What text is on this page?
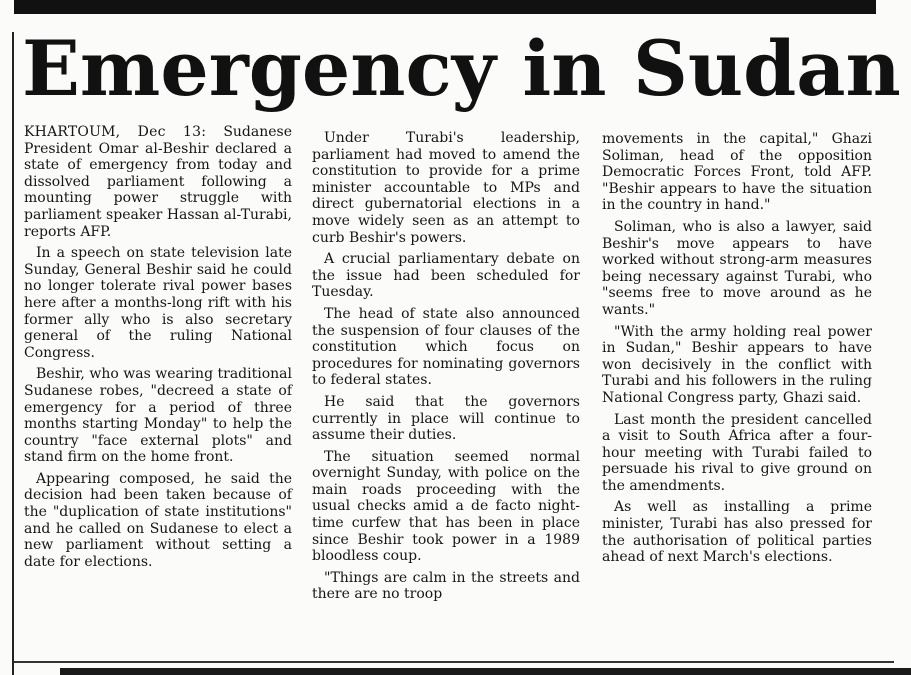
Emergency in Sudan

KHARTOUM, Dec 13: Sudanese President Omar al-Beshir declared a state of emergency from today and dissolved parliament following a mounting power struggle with parliament speaker Hassan al-Turabi, reports AFP.

In a speech on state television late Sunday, General Beshir said he could no longer tolerate rival power bases here after a months-long rift with his former ally who is also secretary general of the ruling National Congress.

Beshir, who was wearing traditional Sudanese robes, "decreed a state of emergency for a period of three months starting Monday" to help the country "face external plots" and stand firm on the home front.

Appearing composed, he said the decision had been taken because of the "duplication of state institutions" and he called on Sudanese to elect a new parliament without setting a date for elections.

Under Turabi's leadership, parliament had moved to amend the constitution to provide for a prime minister accountable to MPs and direct gubernatorial elections in a move widely seen as an attempt to curb Beshir's powers.

A crucial parliamentary debate on the issue had been scheduled for Tuesday.

The head of state also announced the suspension of four clauses of the constitution which focus on procedures for nominating governors to federal states.

He said that the governors currently in place will continue to assume their duties.

The situation seemed normal overnight Sunday, with police on the main roads proceeding with the usual checks amid a de facto night-time curfew that has been in place since Beshir took power in a 1989 bloodless coup.

"Things are calm in the streets and there are no troop

movements in the capital," Ghazi Soliman, head of the opposition Democratic Forces Front, told AFP. "Beshir appears to have the situation in the country in hand."

Soliman, who is also a lawyer, said Beshir's move appears to have worked without strong-arm measures being necessary against Turabi, who "seems free to move around as he wants."

"With the army holding real power in Sudan," Beshir appears to have won decisively in the conflict with Turabi and his followers in the ruling National Congress party, Ghazi said.

Last month the president cancelled a visit to South Africa after a four-hour meeting with Turabi failed to persuade his rival to give ground on the amendments.

As well as installing a prime minister, Turabi has also pressed for the authorisation of political parties ahead of next March's elections.
